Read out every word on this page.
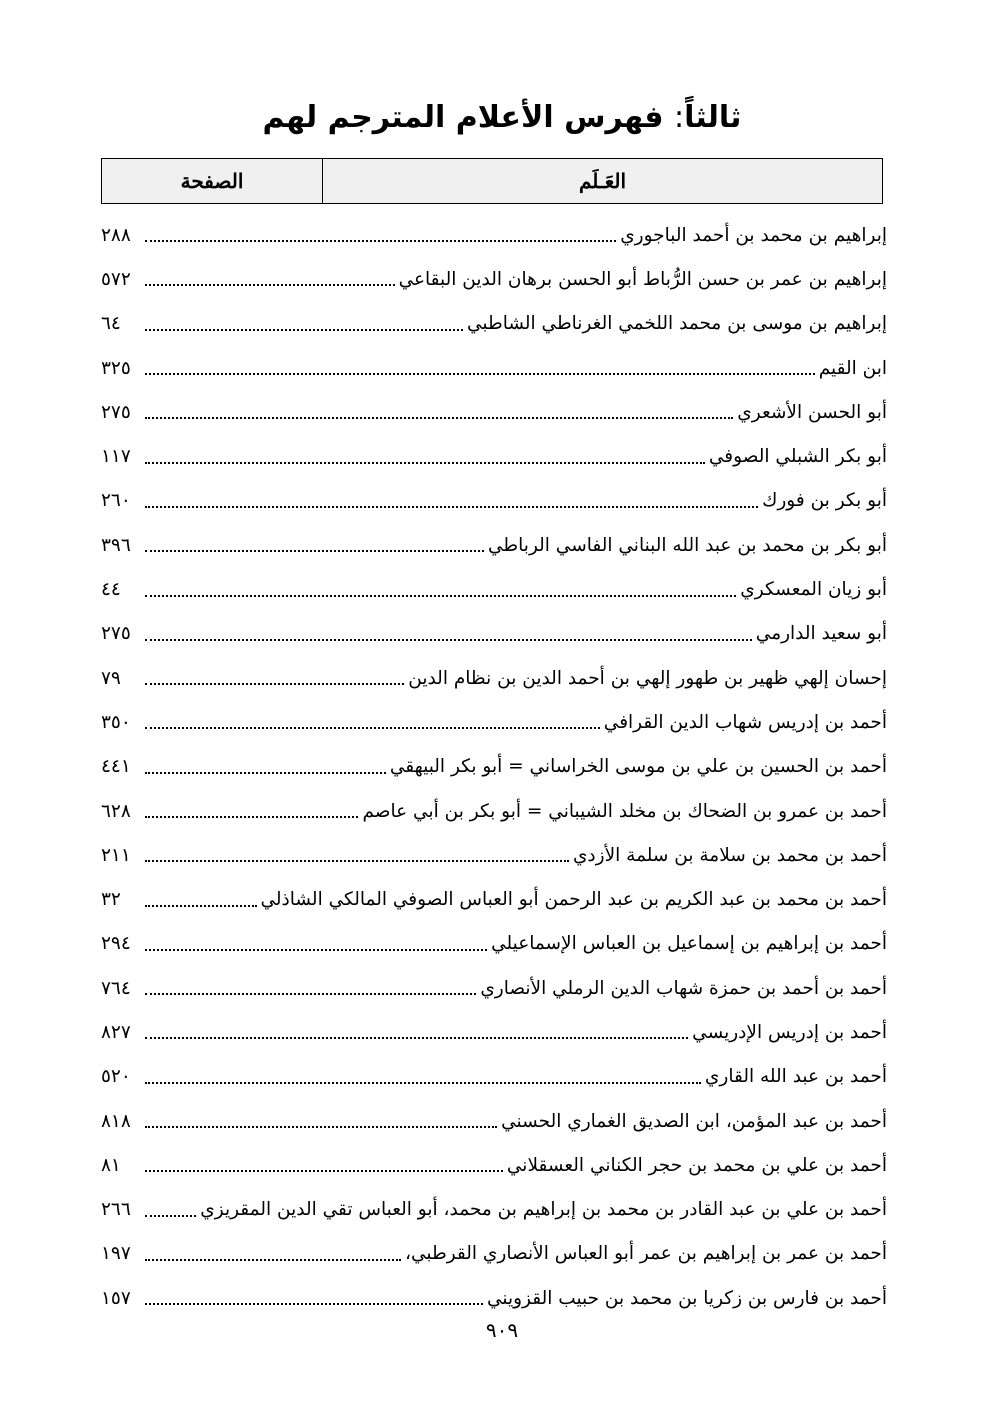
ثالثاً: فهرس الأعلام المترجم لهم
العَـلَم
الصفحة
إبراهيم بن محمد بن أحمد الباجوري
٢٨٨
إبراهيم بن عمر بن حسن الرُّباط أبو الحسن برهان الدين البقاعي
٥٧٢
إبراهيم بن موسى بن محمد اللخمي الغرناطي الشاطبي
٦٤
ابن القيم
٣٢٥
أبو الحسن الأشعري
٢٧٥
أبو بكر الشبلي الصوفي
١١٧
أبو بكر بن فورك
٢٦٠
أبو بكر بن محمد بن عبد الله البناني الفاسي الرباطي
٣٩٦
أبو زيان المعسكري
٤٤
أبو سعيد الدارمي
٢٧٥
إحسان إلهي ظهير بن طهور إلهي بن أحمد الدين بن نظام الدين
٧٩
أحمد بن إدريس شهاب الدين القرافي
٣٥٠
أحمد بن الحسين بن علي بن موسى الخراساني = أبو بكر البيهقي
٤٤١
أحمد بن عمرو بن الضحاك بن مخلد الشيباني = أبو بكر بن أبي عاصم
٦٢٨
أحمد بن محمد بن سلامة بن سلمة الأزدي
٢١١
أحمد بن محمد بن عبد الكريم بن عبد الرحمن أبو العباس الصوفي المالكي الشاذلي
٣٢
أحمد بن إبراهيم بن إسماعيل بن العباس الإسماعيلي
٢٩٤
أحمد بن أحمد بن حمزة شهاب الدين الرملي الأنصاري
٧٦٤
أحمد بن إدريس الإدريسي
٨٢٧
أحمد بن عبد الله القاري
٥٢٠
أحمد بن عبد المؤمن، ابن الصديق الغماري الحسني
٨١٨
أحمد بن علي بن محمد بن حجر الكناني العسقلاني
٨١
أحمد بن علي بن عبد القادر بن محمد بن إبراهيم بن محمد، أبو العباس تقي الدين المقريزي
٢٦٦
أحمد بن عمر بن إبراهيم بن عمر أبو العباس الأنصاري القرطبي،
١٩٧
أحمد بن فارس بن زكريا بن محمد بن حبيب القزويني
١٥٧
٩٠٩
